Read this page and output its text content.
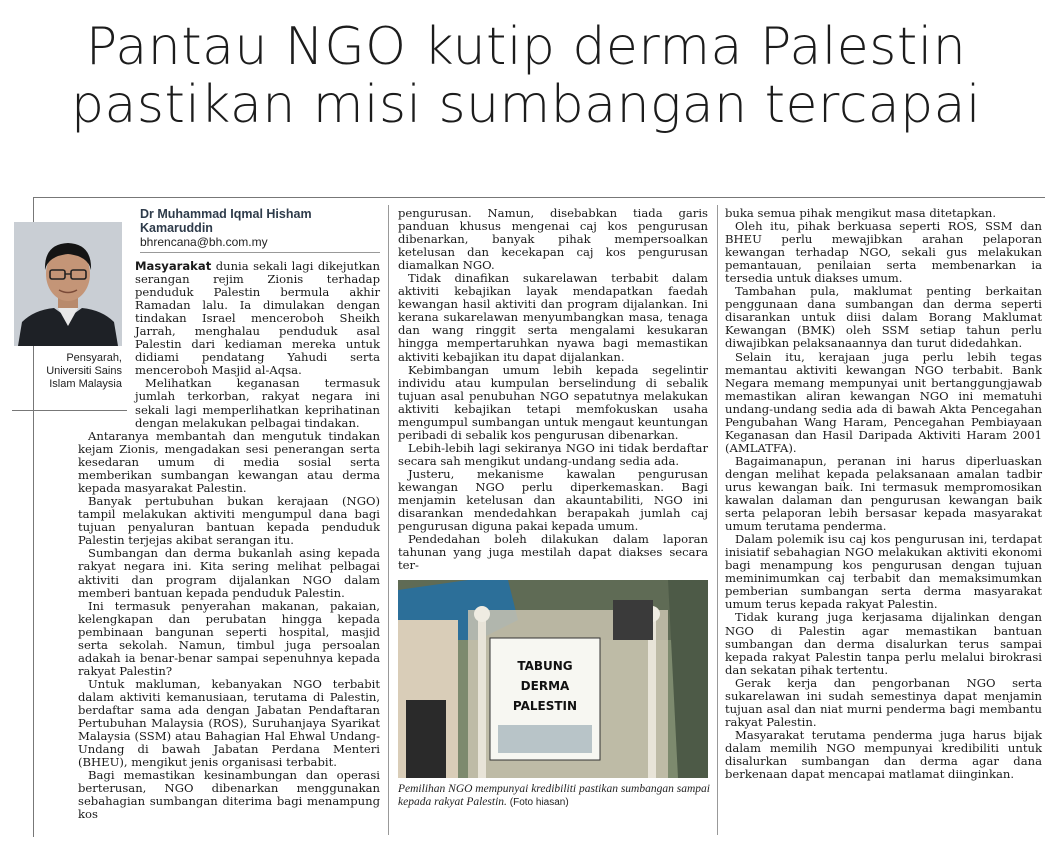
Pantau NGO kutip derma Palestin
pastikan misi sumbangan tercapai
Pensyarah,
Universiti Sains
Islam Malaysia
Dr Muhammad Iqmal Hisham Kamaruddin
bhrencana@bh.com.my

Masyarakat dunia sekali lagi dikejutkan serangan rejim Zionis terhadap penduduk Palestin bermula akhir Ramadan lalu. Ia dimulakan dengan tindakan Israel menceroboh Sheikh Jarrah, menghalau penduduk asal Palestin dari kediaman mereka untuk didiami pendatang Yahudi serta menceroboh Masjid al-Aqsa.

Melihatkan keganasan termasuk jumlah terkorban, rakyat negara ini sekali lagi memperlihatkan keprihatinan dengan melakukan pelbagai tindakan.

Antaranya membantah dan mengutuk tindakan kejam Zionis, mengadakan sesi penerangan serta kesedaran umum di media sosial serta memberikan sumbangan kewangan atau derma kepada masyarakat Palestin.

Banyak pertubuhan bukan kerajaan (NGO) tampil melakukan aktiviti mengumpul dana bagi tujuan penyaluran bantuan kepada penduduk Palestin terjejas akibat serangan itu.

Sumbangan dan derma bukanlah asing kepada rakyat negara ini. Kita sering melihat pelbagai aktiviti dan program dijalankan NGO dalam memberi bantuan kepada penduduk Palestin.

Ini termasuk penyerahan makanan, pakaian, kelengkapan dan perubatan hingga kepada pembinaan bangunan seperti hospital, masjid serta sekolah. Namun, timbul juga persoalan adakah ia benar-benar sampai sepenuhnya kepada rakyat Palestin?

Untuk makluman, kebanyakan NGO terbabit dalam aktiviti kemanusiaan, terutama di Palestin, berdaftar sama ada dengan Jabatan Pendaftaran Pertubuhan Malaysia (ROS), Suruhanjaya Syarikat Malaysia (SSM) atau Bahagian Hal Ehwal Undang-Undang di bawah Jabatan Perdana Menteri (BHEU), mengikut jenis organisasi terbabit.

Bagi memastikan kesinambungan dan operasi berterusan, NGO dibenarkan menggunakan sebahagian sumbangan diterima bagi menampung kos

pengurusan. Namun, disebabkan tiada garis panduan khusus mengenai caj kos pengurusan dibenarkan, banyak pihak mempersoalkan ketelusan dan kecekapan caj kos pengurusan diamalkan NGO.

Tidak dinafikan sukarelawan terbabit dalam aktiviti kebajikan layak mendapatkan faedah kewangan hasil aktiviti dan program dijalankan. Ini kerana sukarelawan menyumbangkan masa, tenaga dan wang ringgit serta mengalami kesukaran hingga mempertaruhkan nyawa bagi memastikan aktiviti kebajikan itu dapat dijalankan.

Kebimbangan umum lebih kepada segelintir individu atau kumpulan berselindung di sebalik tujuan asal penubuhan NGO sepatutnya melakukan aktiviti kebajikan tetapi memfokuskan usaha mengumpul sumbangan untuk mengaut keuntungan peribadi di sebalik kos pengurusan dibenarkan.

Lebih-lebih lagi sekiranya NGO ini tidak berdaftar secara sah mengikut undang-undang sedia ada.

Justeru, mekanisme kawalan pengurusan kewangan NGO perlu diperkemaskan. Bagi menjamin ketelusan dan akauntabiliti, NGO ini disarankan mendedahkan berapakah jumlah caj pengurusan diguna pakai kepada umum.

Pendedahan boleh dilakukan dalam laporan tahunan yang juga mestilah dapat diakses secara ter-

TABUNG
DERMA
PALESTIN
Pemilihan NGO mempunyai kredibiliti pastikan sumbangan sampai kepada rakyat Palestin. (Foto hiasan)

buka semua pihak mengikut masa ditetapkan.

Oleh itu, pihak berkuasa seperti ROS, SSM dan BHEU perlu mewajibkan arahan pelaporan kewangan terhadap NGO, sekali gus melakukan pemantauan, penilaian serta membenarkan ia tersedia untuk diakses umum.

Tambahan pula, maklumat penting berkaitan penggunaan dana sumbangan dan derma seperti disarankan untuk diisi dalam Borang Maklumat Kewangan (BMK) oleh SSM setiap tahun perlu diwajibkan pelaksanaannya dan turut didedahkan.

Selain itu, kerajaan juga perlu lebih tegas memantau aktiviti kewangan NGO terbabit. Bank Negara memang mempunyai unit bertanggungjawab memastikan aliran kewangan NGO ini mematuhi undang-undang sedia ada di bawah Akta Pencegahan Pengubahan Wang Haram, Pencegahan Pembiayaan Keganasan dan Hasil Daripada Aktiviti Haram 2001 (AMLATFA).

Bagaimanapun, peranan ini harus diperluaskan dengan melihat kepada pelaksanaan amalan tadbir urus kewangan baik. Ini termasuk mempromosikan kawalan dalaman dan pengurusan kewangan baik serta pelaporan lebih bersasar kepada masyarakat umum terutama penderma.

Dalam polemik isu caj kos pengurusan ini, terdapat inisiatif sebahagian NGO melakukan aktiviti ekonomi bagi menampung kos pengurusan dengan tujuan meminimumkan caj terbabit dan memaksimumkan pemberian sumbangan serta derma masyarakat umum terus kepada rakyat Palestin.

Tidak kurang juga kerjasama dijalinkan dengan NGO di Palestin agar memastikan bantuan sumbangan dan derma disalurkan terus sampai kepada rakyat Palestin tanpa perlu melalui birokrasi dan sekatan pihak tertentu.

Gerak kerja dan pengorbanan NGO serta sukarelawan ini sudah semestinya dapat menjamin tujuan asal dan niat murni penderma bagi membantu rakyat Palestin.

Masyarakat terutama penderma juga harus bijak dalam memilih NGO mempunyai kredibiliti untuk disalurkan sumbangan dan derma agar dana berkenaan dapat mencapai matlamat diinginkan.
